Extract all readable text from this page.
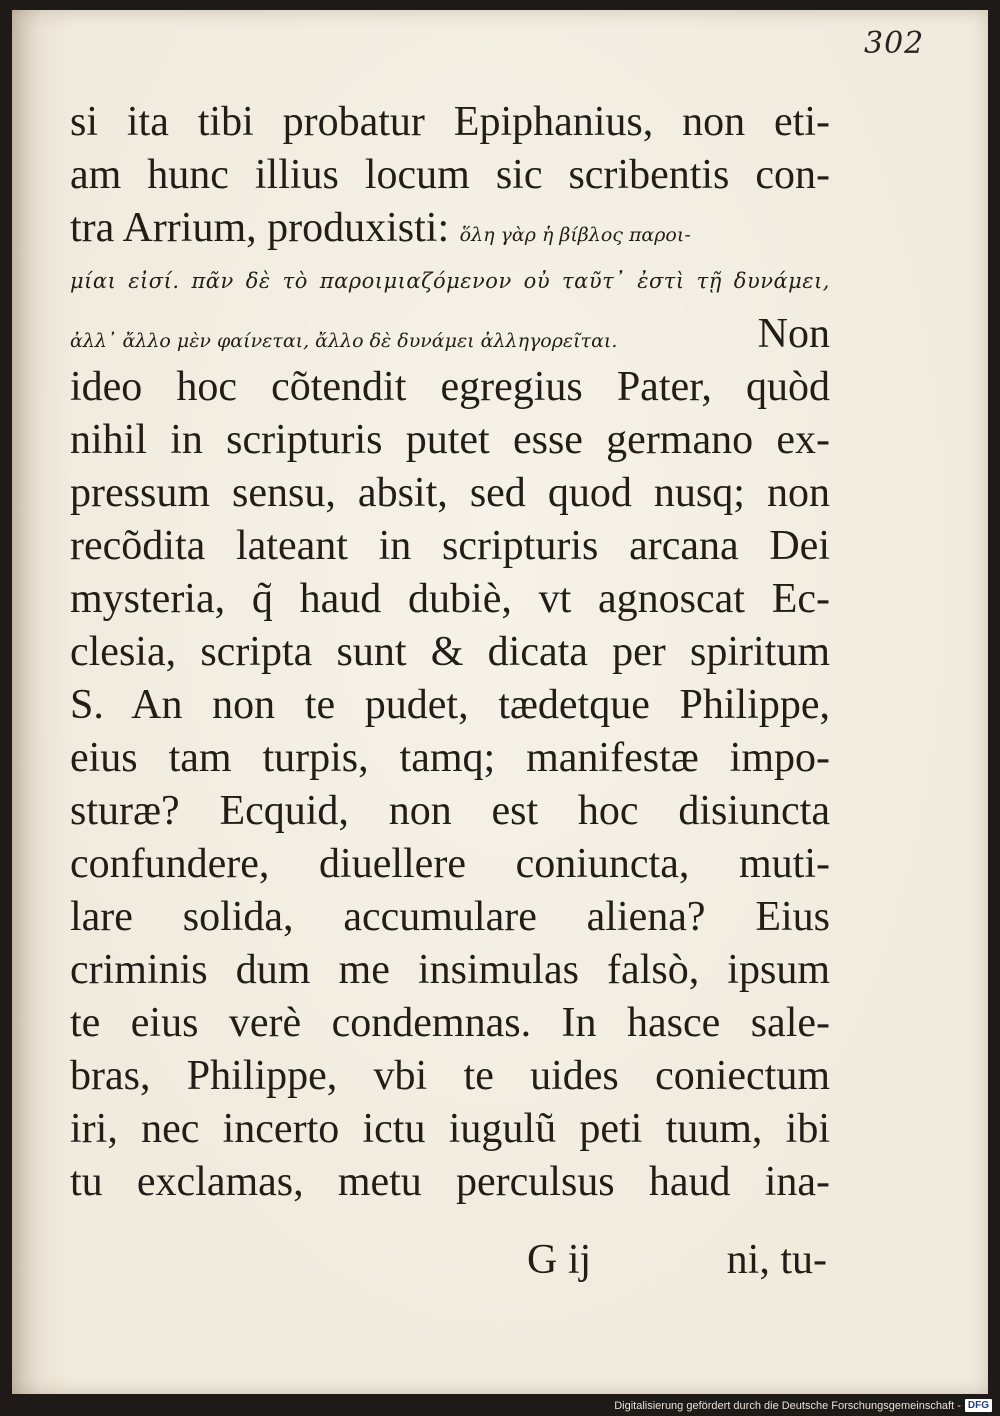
302
si ita tibi probatur Epiphanius, non eti-
am hunc illius locum sic scribentis con-
tra Arrium, produxisti: ὅλη γὰρ ἡ βίβλος παροι-
μίαι εἰσί. πᾶν δὲ τὸ παροιμιαζόμενον οὐ ταῦτ᾽ ἐστὶ τῇ δυνάμει,
ἀλλ᾽ ἄλλο μὲν φαίνεται, ἄλλο δὲ δυνάμει ἀλληγορεῖται.	Non
ideo hoc cõtendit egregius Pater, quòd
nihil in scripturis putet esse germano ex-
pressum sensu, absit, sed quod nusq; non
recõdita lateant in scripturis arcana Dei
mysteria, q̃ haud dubiè, vt agnoscat Ec-
clesia, scripta sunt & dicata per spiritum
S. An non te pudet, tædetque Philippe,
eius tam turpis, tamq; manifestæ impo-
sturæ? Ecquid, non est hoc disiuncta
confundere, diuellere coniuncta, muti-
lare solida, accumulare aliena? Eius
criminis dum me insimulas falsò, ipsum
te eius verè condemnas. In hasce sale-
bras, Philippe, vbi te uides coniectum
iri, nec incerto ictu iugulũ peti tuum, ibi
tu exclamas, metu perculsus haud ina-
G ij	ni, tu-
Digitalisierung gefördert durch die Deutsche Forschungsgemeinschaft - DFG
